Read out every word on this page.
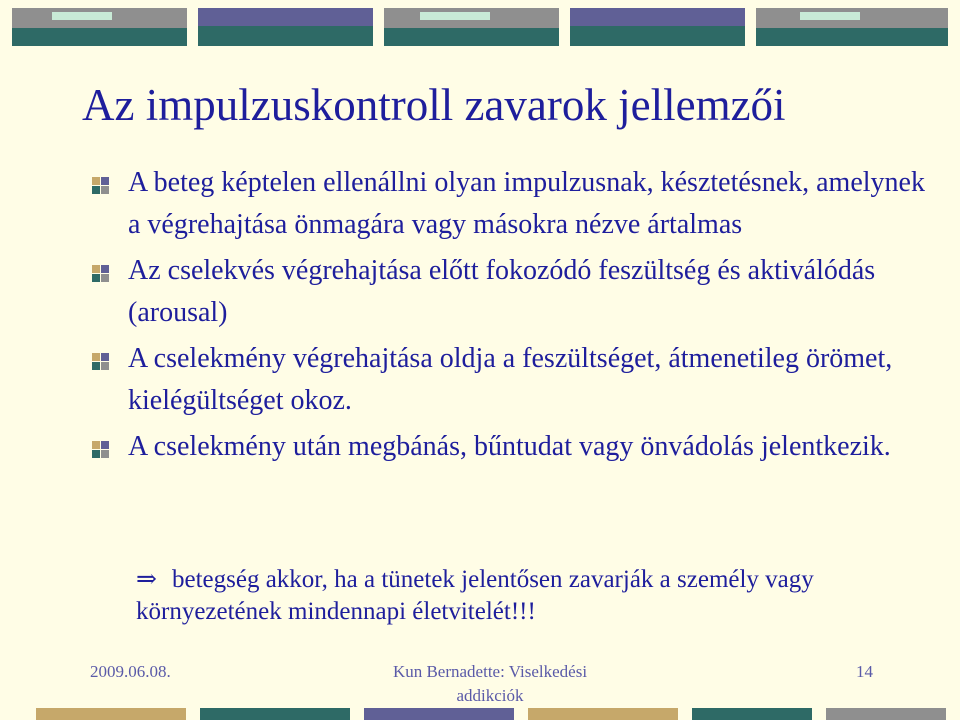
Az impulzuskontroll zavarok jellemzői
A beteg képtelen ellenállni olyan impulzusnak, késztetésnek, amelynek a végrehajtása önmagára vagy másokra nézve ártalmas
Az cselekvés végrehajtása előtt fokozódó feszültség és aktiválódás (arousal)
A cselekmény végrehajtása oldja a feszültséget, átmenetileg örömet, kielégültséget okoz.
A cselekmény után megbánás, bűntudat vagy önvádolás jelentkezik.
⇒ betegség akkor, ha a tünetek jelentősen zavarják a személy vagy környezetének mindennapi életvitelét!!!
2009.06.08.	Kun Bernadette: Viselkedési addikciók
14
